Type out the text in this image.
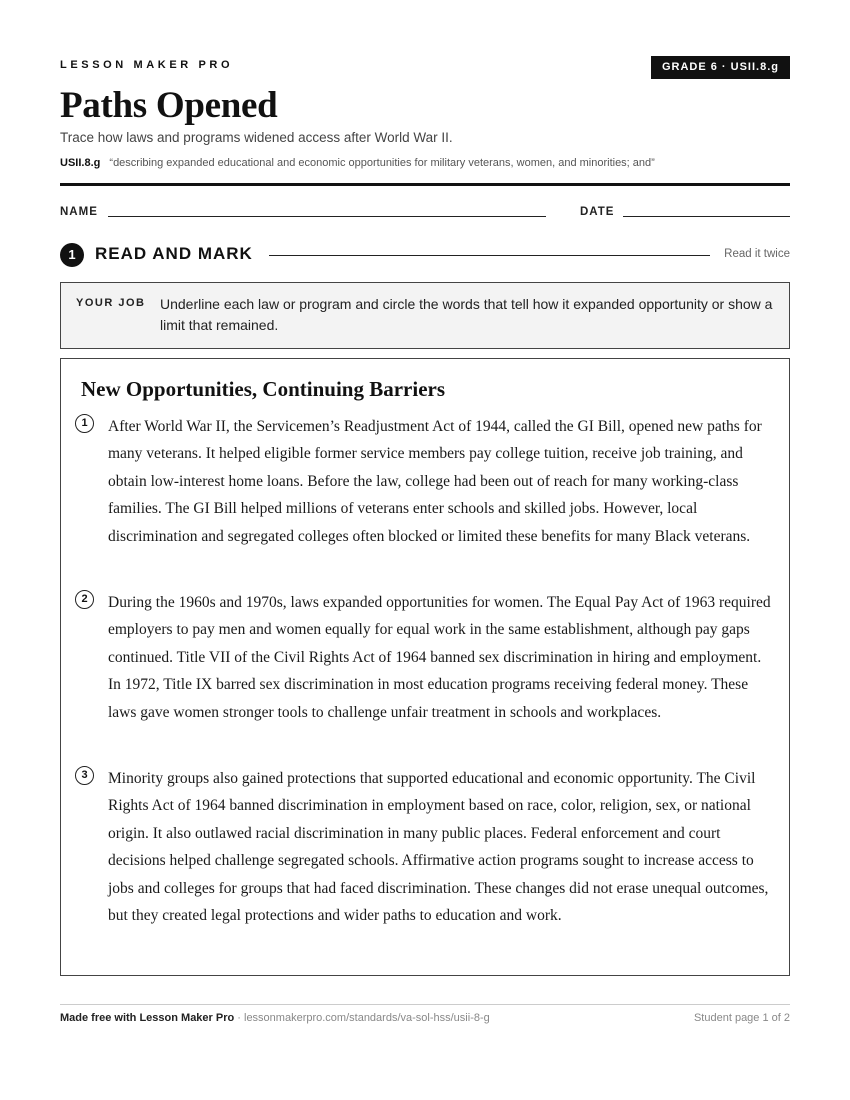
LESSON MAKER PRO	GRADE 6 · USII.8.g
Paths Opened
Trace how laws and programs widened access after World War II.
USII.8.g “describing expanded educational and economic opportunities for military veterans, women, and minorities; and”
NAME	DATE
1	READ AND MARK	Read it twice
YOUR JOB Underline each law or program and circle the words that tell how it expanded opportunity or show a limit that remained.
New Opportunities, Continuing Barriers
1	After World War II, the Servicemen’s Readjustment Act of 1944, called the GI Bill, opened new paths for many veterans. It helped eligible former service members pay college tuition, receive job training, and obtain low-interest home loans. Before the law, college had been out of reach for many working-class families. The GI Bill helped millions of veterans enter schools and skilled jobs. However, local discrimination and segregated colleges often blocked or limited these benefits for many Black veterans.

2	During the 1960s and 1970s, laws expanded opportunities for women. The Equal Pay Act of 1963 required employers to pay men and women equally for equal work in the same establishment, although pay gaps continued. Title VII of the Civil Rights Act of 1964 banned sex discrimination in hiring and employment. In 1972, Title IX barred sex discrimination in most education programs receiving federal money. These laws gave women stronger tools to challenge unfair treatment in schools and workplaces.

3	Minority groups also gained protections that supported educational and economic opportunity. The Civil Rights Act of 1964 banned discrimination in employment based on race, color, religion, sex, or national origin. It also outlawed racial discrimination in many public places. Federal enforcement and court decisions helped challenge segregated schools. Affirmative action programs sought to increase access to jobs and colleges for groups that had faced discrimination. These changes did not erase unequal outcomes, but they created legal protections and wider paths to education and work.

Made free with Lesson Maker Pro · lessonmakerpro.com/standards/va-sol-hss/usii-8-g	Student page 1 of 2
